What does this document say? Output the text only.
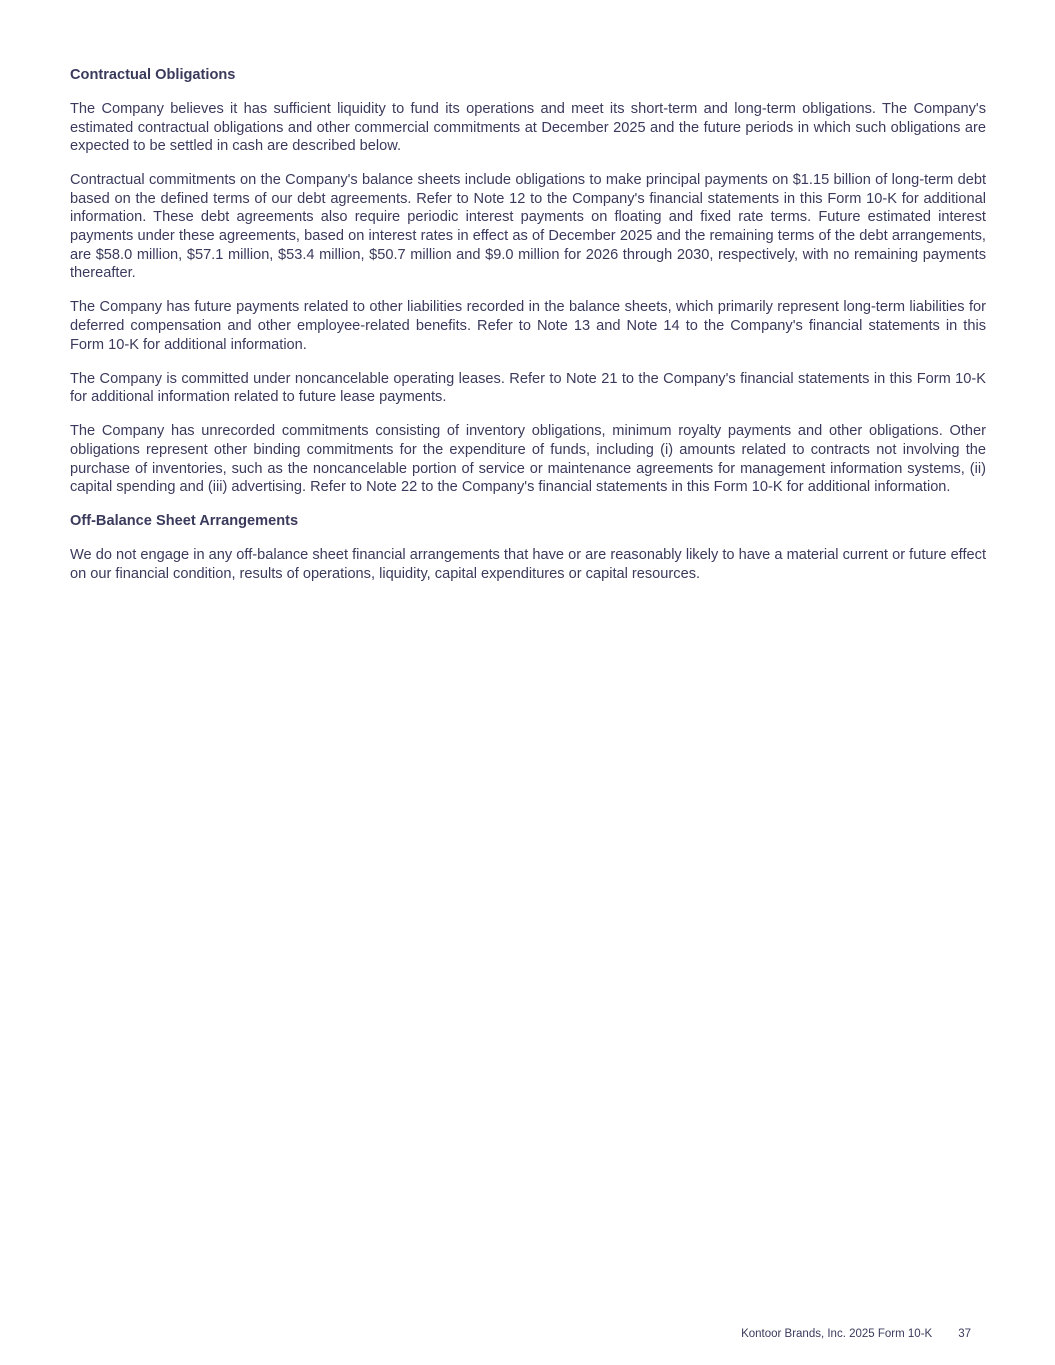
Contractual Obligations

The Company believes it has sufficient liquidity to fund its operations and meet its short-term and long-term obligations. The Company's estimated contractual obligations and other commercial commitments at December 2025 and the future periods in which such obligations are expected to be settled in cash are described below.

Contractual commitments on the Company's balance sheets include obligations to make principal payments on $1.15 billion of long-term debt based on the defined terms of our debt agreements. Refer to Note 12 to the Company's financial statements in this Form 10-K for additional information. These debt agreements also require periodic interest payments on floating and fixed rate terms. Future estimated interest payments under these agreements, based on interest rates in effect as of December 2025 and the remaining terms of the debt arrangements, are $58.0 million, $57.1 million, $53.4 million, $50.7 million and $9.0 million for 2026 through 2030, respectively, with no remaining payments thereafter.

The Company has future payments related to other liabilities recorded in the balance sheets, which primarily represent long-term liabilities for deferred compensation and other employee-related benefits. Refer to Note 13 and Note 14 to the Company's financial statements in this Form 10-K for additional information.

The Company is committed under noncancelable operating leases. Refer to Note 21 to the Company's financial statements in this Form 10-K for additional information related to future lease payments.

The Company has unrecorded commitments consisting of inventory obligations, minimum royalty payments and other obligations. Other obligations represent other binding commitments for the expenditure of funds, including (i) amounts related to contracts not involving the purchase of inventories, such as the noncancelable portion of service or maintenance agreements for management information systems, (ii) capital spending and (iii) advertising. Refer to Note 22 to the Company's financial statements in this Form 10-K for additional information.

Off-Balance Sheet Arrangements

We do not engage in any off-balance sheet financial arrangements that have or are reasonably likely to have a material current or future effect on our financial condition, results of operations, liquidity, capital expenditures or capital resources.

Kontoor Brands, Inc. 2025 Form 10-K 37
